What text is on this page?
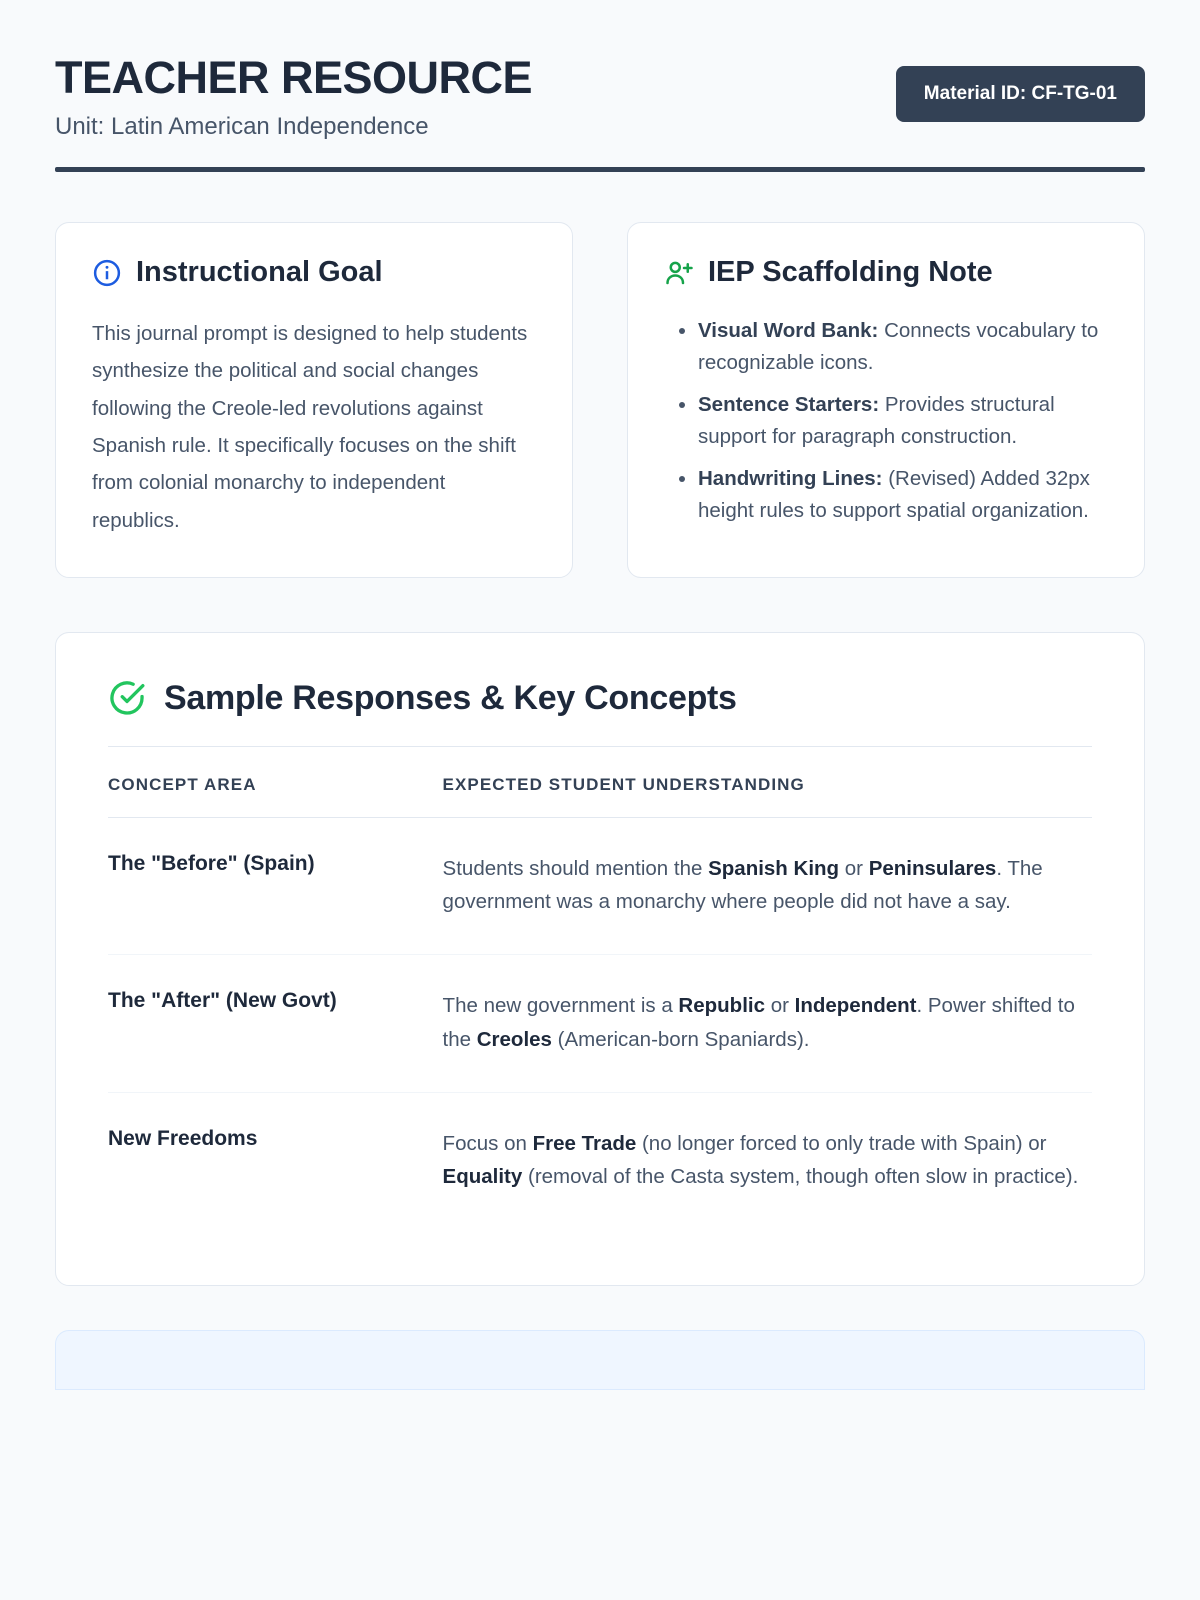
TEACHER RESOURCE

Unit: Latin American Independence

Material ID: CF-TG-01
Instructional Goal
This journal prompt is designed to help students synthesize the political and social changes following the Creole-led revolutions against Spanish rule. It specifically focuses on the shift from colonial monarchy to independent republics.
IEP Scaffolding Note
• Visual Word Bank: Connects vocabulary to recognizable icons.
• Sentence Starters: Provides structural support for paragraph construction.
• Handwriting Lines: (Revised) Added 32px height rules to support spatial organization.
Sample Responses & Key Concepts
CONCEPT AREA	EXPECTED STUDENT UNDERSTANDING
The "Before" (Spain)	Students should mention the Spanish King or Peninsulares. The government was a monarchy where people did not have a say.
The "After" (New Govt)	The new government is a Republic or Independent. Power shifted to the Creoles (American-born Spaniards).
New Freedoms	Focus on Free Trade (no longer forced to only trade with Spain) or Equality (removal of the Casta system, though often slow in practice).
